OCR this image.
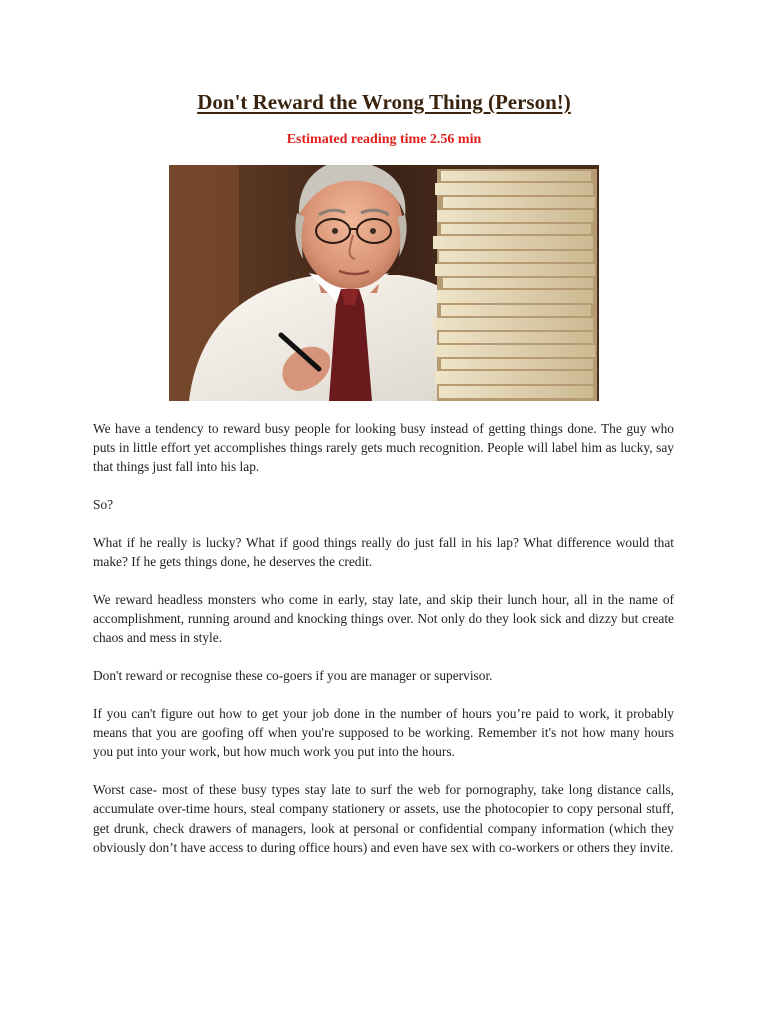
Don't Reward the Wrong Thing (Person!)
Estimated reading time 2.56 min

We have a tendency to reward busy people for looking busy instead of getting things done. The guy who puts in little effort yet accomplishes things rarely gets much recognition. People will label him as lucky, say that things just fall into his lap.

So?

What if he really is lucky? What if good things really do just fall in his lap? What difference would that make? If he gets things done, he deserves the credit.

We reward headless monsters who come in early, stay late, and skip their lunch hour, all in the name of accomplishment, running around and knocking things over. Not only do they look sick and dizzy but create chaos and mess in style.

Don't reward or recognise these co-goers if you are manager or supervisor.

If you can't figure out how to get your job done in the number of hours you’re paid to work, it probably means that you are goofing off when you're supposed to be working. Remember it's not how many hours you put into your work, but how much work you put into the hours.

Worst case- most of these busy types stay late to surf the web for pornography, take long distance calls, accumulate over-time hours, steal company stationery or assets, use the photocopier to copy personal stuff, get drunk, check drawers of managers, look at personal or confidential company information (which they obviously don’t have access to during office hours) and even have sex with co-workers or others they invite.
